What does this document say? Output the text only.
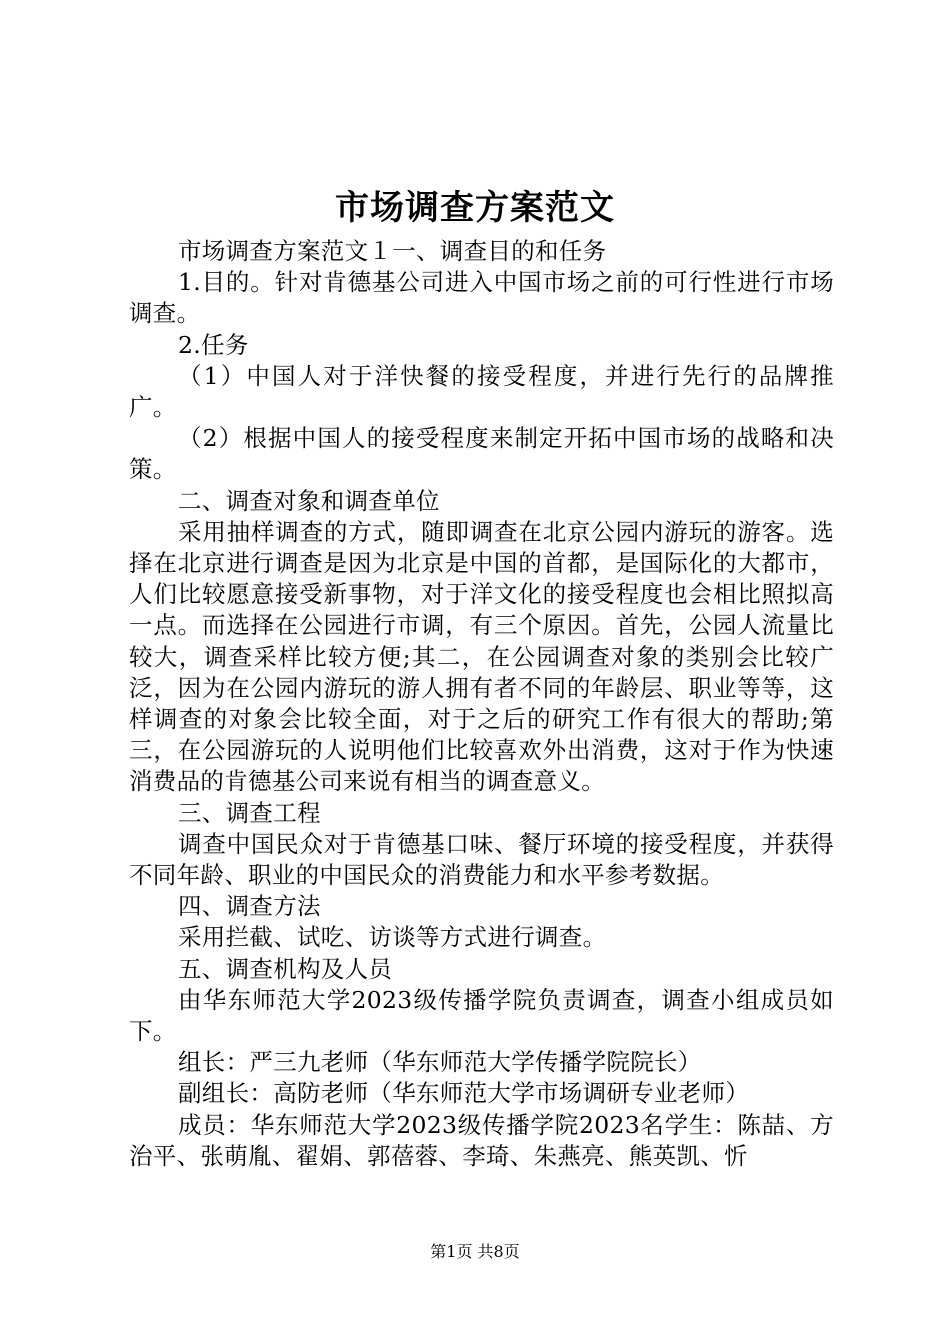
市场调查方案范文

市场调查方案范文１一、调查目的和任务

1.目的。针对肯德基公司进入中国市场之前的可行性进行市场调查。

2.任务

（1）中国人对于洋快餐的接受程度，并进行先行的品牌推广。

（2）根据中国人的接受程度来制定开拓中国市场的战略和决策。

二、调查对象和调查单位

采用抽样调查的方式，随即调查在北京公园内游玩的游客。选择在北京进行调查是因为北京是中国的首都，是国际化的大都市，人们比较愿意接受新事物，对于洋文化的接受程度也会相比照拟高一点。而选择在公园进行市调，有三个原因。首先，公园人流量比较大，调查采样比较方便;其二，在公园调查对象的类别会比较广泛，因为在公园内游玩的游人拥有者不同的年龄层、职业等等，这样调查的对象会比较全面，对于之后的研究工作有很大的帮助;第三，在公园游玩的人说明他们比较喜欢外出消费，这对于作为快速消费品的肯德基公司来说有相当的调查意义。

三、调查工程

调查中国民众对于肯德基口味、餐厅环境的接受程度，并获得不同年龄、职业的中国民众的消费能力和水平参考数据。

四、调查方法

采用拦截、试吃、访谈等方式进行调查。

五、调查机构及人员

由华东师范大学2023级传播学院负责调查，调查小组成员如下。

组长：严三九老师（华东师范大学传播学院院长）

副组长：高防老师（华东师范大学市场调研专业老师）

成员：华东师范大学2023级传播学院2023名学生：陈喆、方治平、张萌胤、翟娟、郭蓓蓉、李琦、朱燕亮、熊英凯、忻

第1页 共8页
